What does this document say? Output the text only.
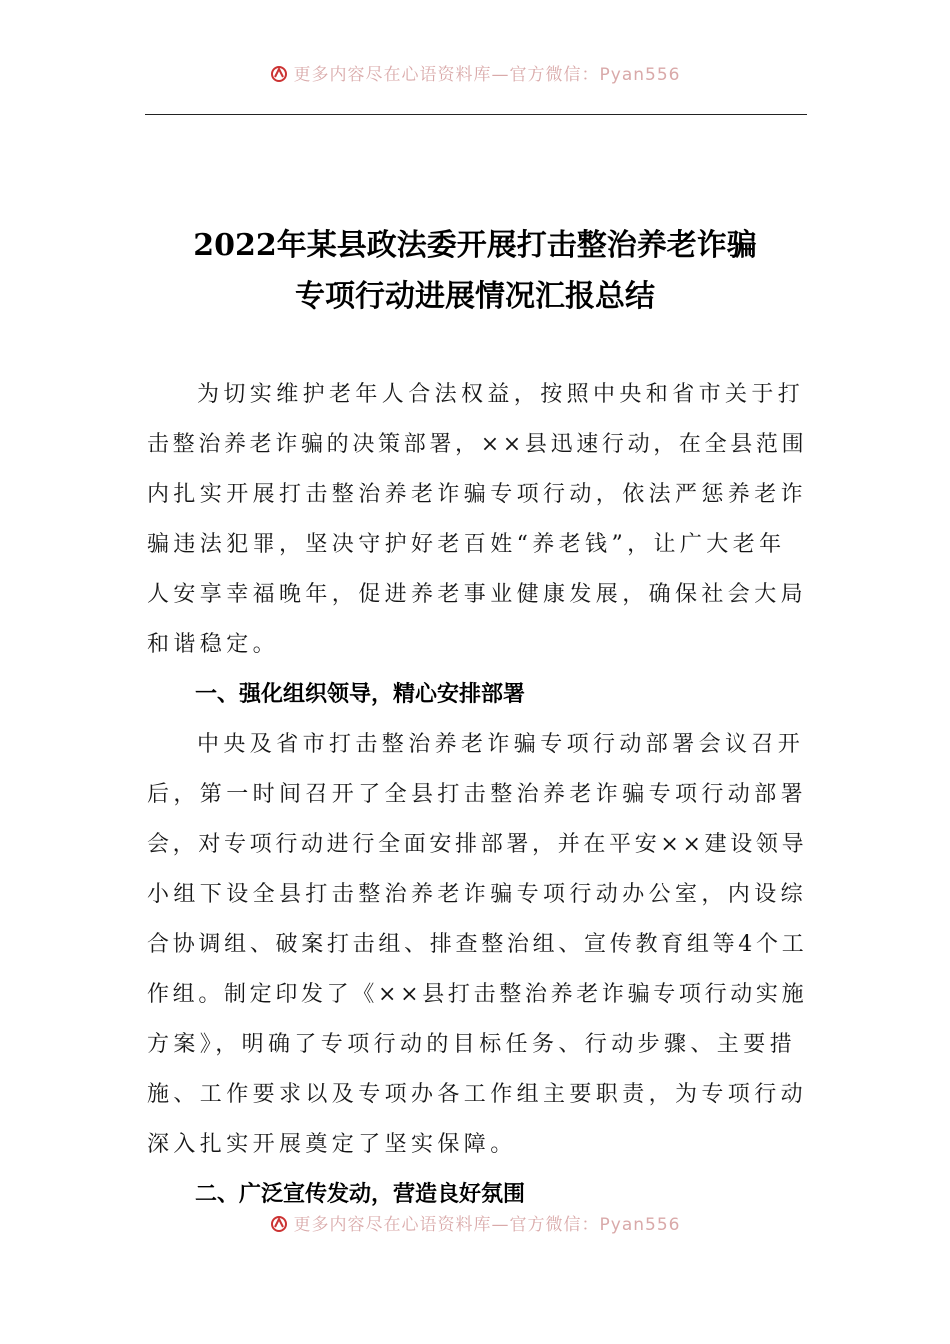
更多内容尽在心语资料库—官方微信：Pyan556
2022年某县政法委开展打击整治养老诈骗
专项行动进展情况汇报总结
为切实维护老年人合法权益，按照中央和省市关于打
击整治养老诈骗的决策部署，××县迅速行动，在全县范围
内扎实开展打击整治养老诈骗专项行动，依法严惩养老诈
骗违法犯罪，坚决守护好老百姓“养老钱”，让广大老年
人安享幸福晚年，促进养老事业健康发展，确保社会大局
和谐稳定。
一、强化组织领导，精心安排部署
中央及省市打击整治养老诈骗专项行动部署会议召开
后，第一时间召开了全县打击整治养老诈骗专项行动部署
会，对专项行动进行全面安排部署，并在平安××建设领导
小组下设全县打击整治养老诈骗专项行动办公室，内设综
合协调组、破案打击组、排查整治组、宣传教育组等4个工
作组。制定印发了《××县打击整治养老诈骗专项行动实施
方案》，明确了专项行动的目标任务、行动步骤、主要措
施、工作要求以及专项办各工作组主要职责，为专项行动
深入扎实开展奠定了坚实保障。
二、广泛宣传发动，营造良好氛围
更多内容尽在心语资料库—官方微信：Pyan556
